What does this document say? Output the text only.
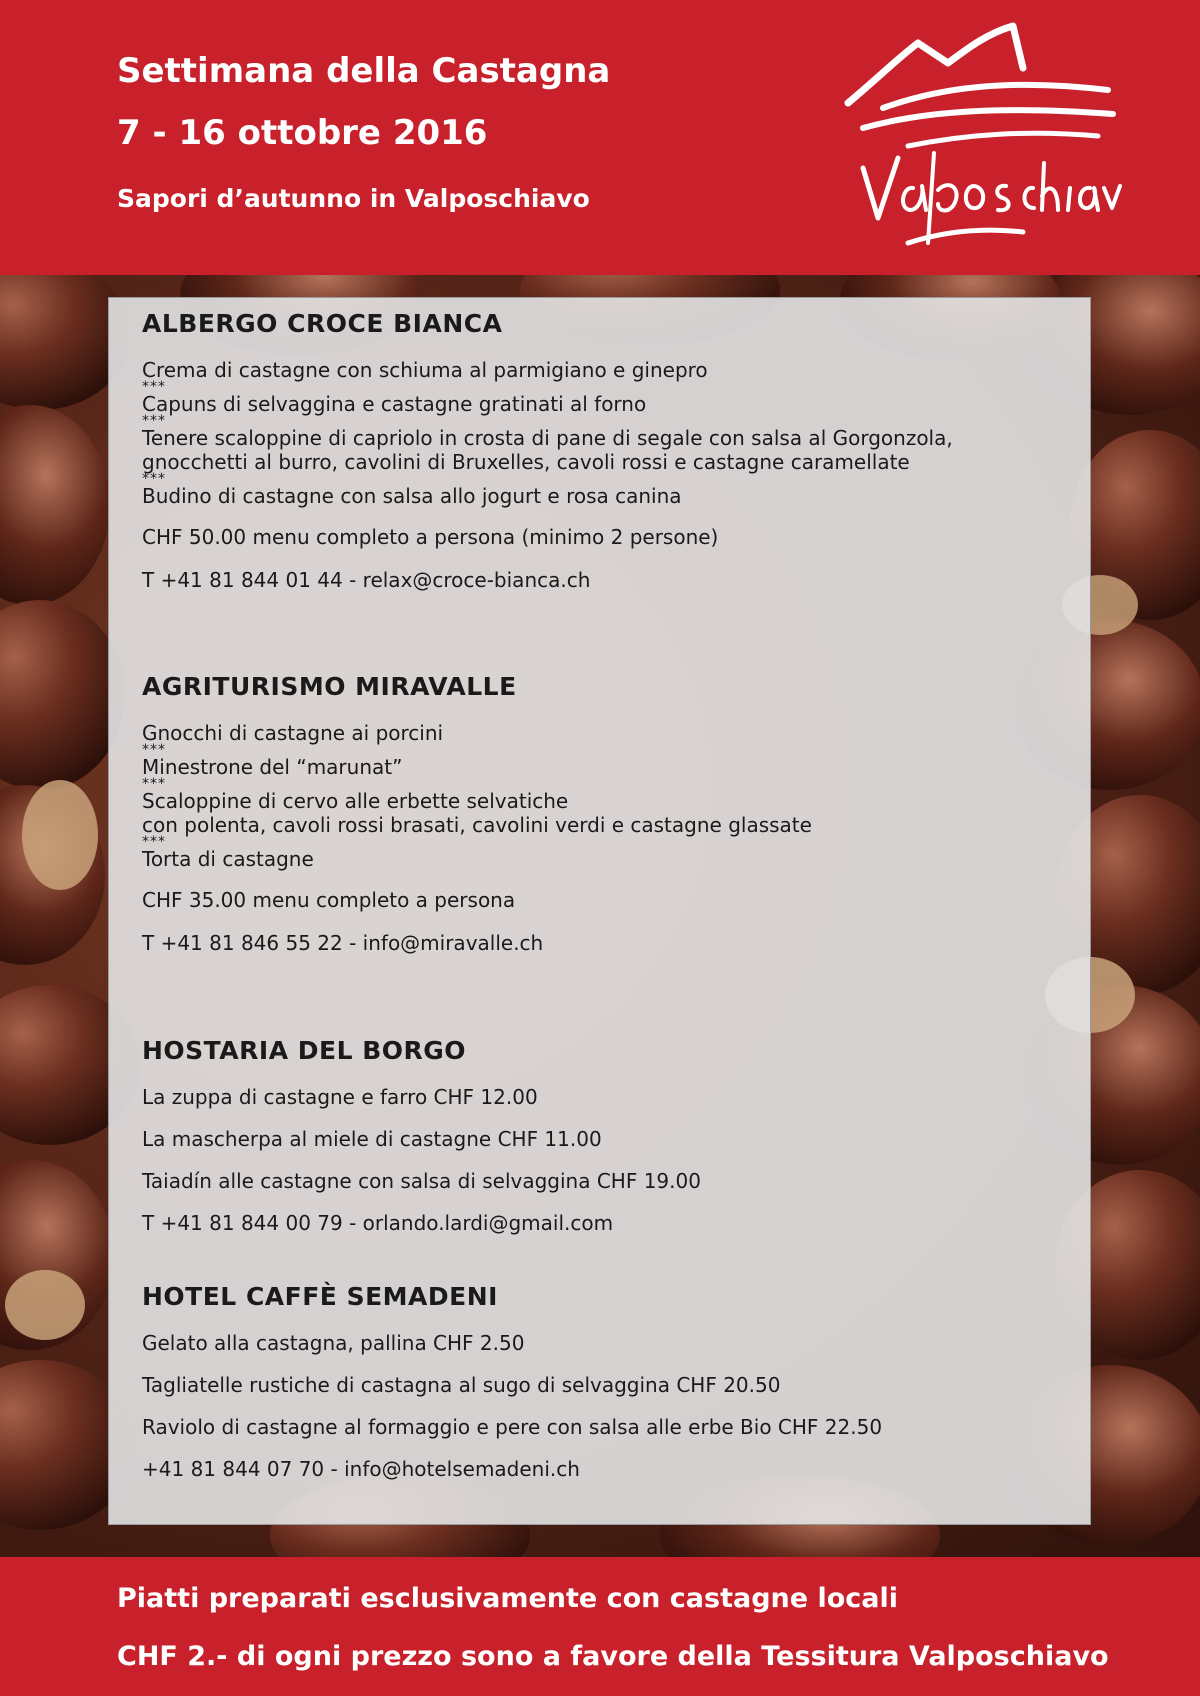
Settimana della Castagna
7 - 16 ottobre 2016
Sapori d’autunno in Valposchiavo
ALBERGO CROCE BIANCA
Crema di castagne con schiuma al parmigiano e ginepro
***
Capuns di selvaggina e castagne gratinati al forno
***
Tenere scaloppine di capriolo in crosta di pane di segale con salsa al Gorgonzola,
gnocchetti al burro, cavolini di Bruxelles, cavoli rossi e castagne caramellate
***
Budino di castagne con salsa allo jogurt e rosa canina
CHF 50.00 menu completo a persona (minimo 2 persone)
T +41 81 844 01 44 - relax@croce-bianca.ch
AGRITURISMO MIRAVALLE
Gnocchi di castagne ai porcini
***
Minestrone del “marunat”
***
Scaloppine di cervo alle erbette selvatiche
con polenta, cavoli rossi brasati, cavolini verdi e castagne glassate
***
Torta di castagne
CHF 35.00 menu completo a persona
T +41 81 846 55 22 - info@miravalle.ch
HOSTARIA DEL BORGO
La zuppa di castagne e farro CHF 12.00
La mascherpa al miele di castagne CHF 11.00
Taiadín alle castagne con salsa di selvaggina CHF 19.00
T +41 81 844 00 79 - orlando.lardi@gmail.com
HOTEL CAFFÈ SEMADENI
Gelato alla castagna, pallina CHF 2.50
Tagliatelle rustiche di castagna al sugo di selvaggina CHF 20.50
Raviolo di castagne al formaggio e pere con salsa alle erbe Bio CHF 22.50
+41 81 844 07 70 - info@hotelsemadeni.ch
Piatti preparati esclusivamente con castagne locali
CHF 2.- di ogni prezzo sono a favore della Tessitura Valposchiavo
